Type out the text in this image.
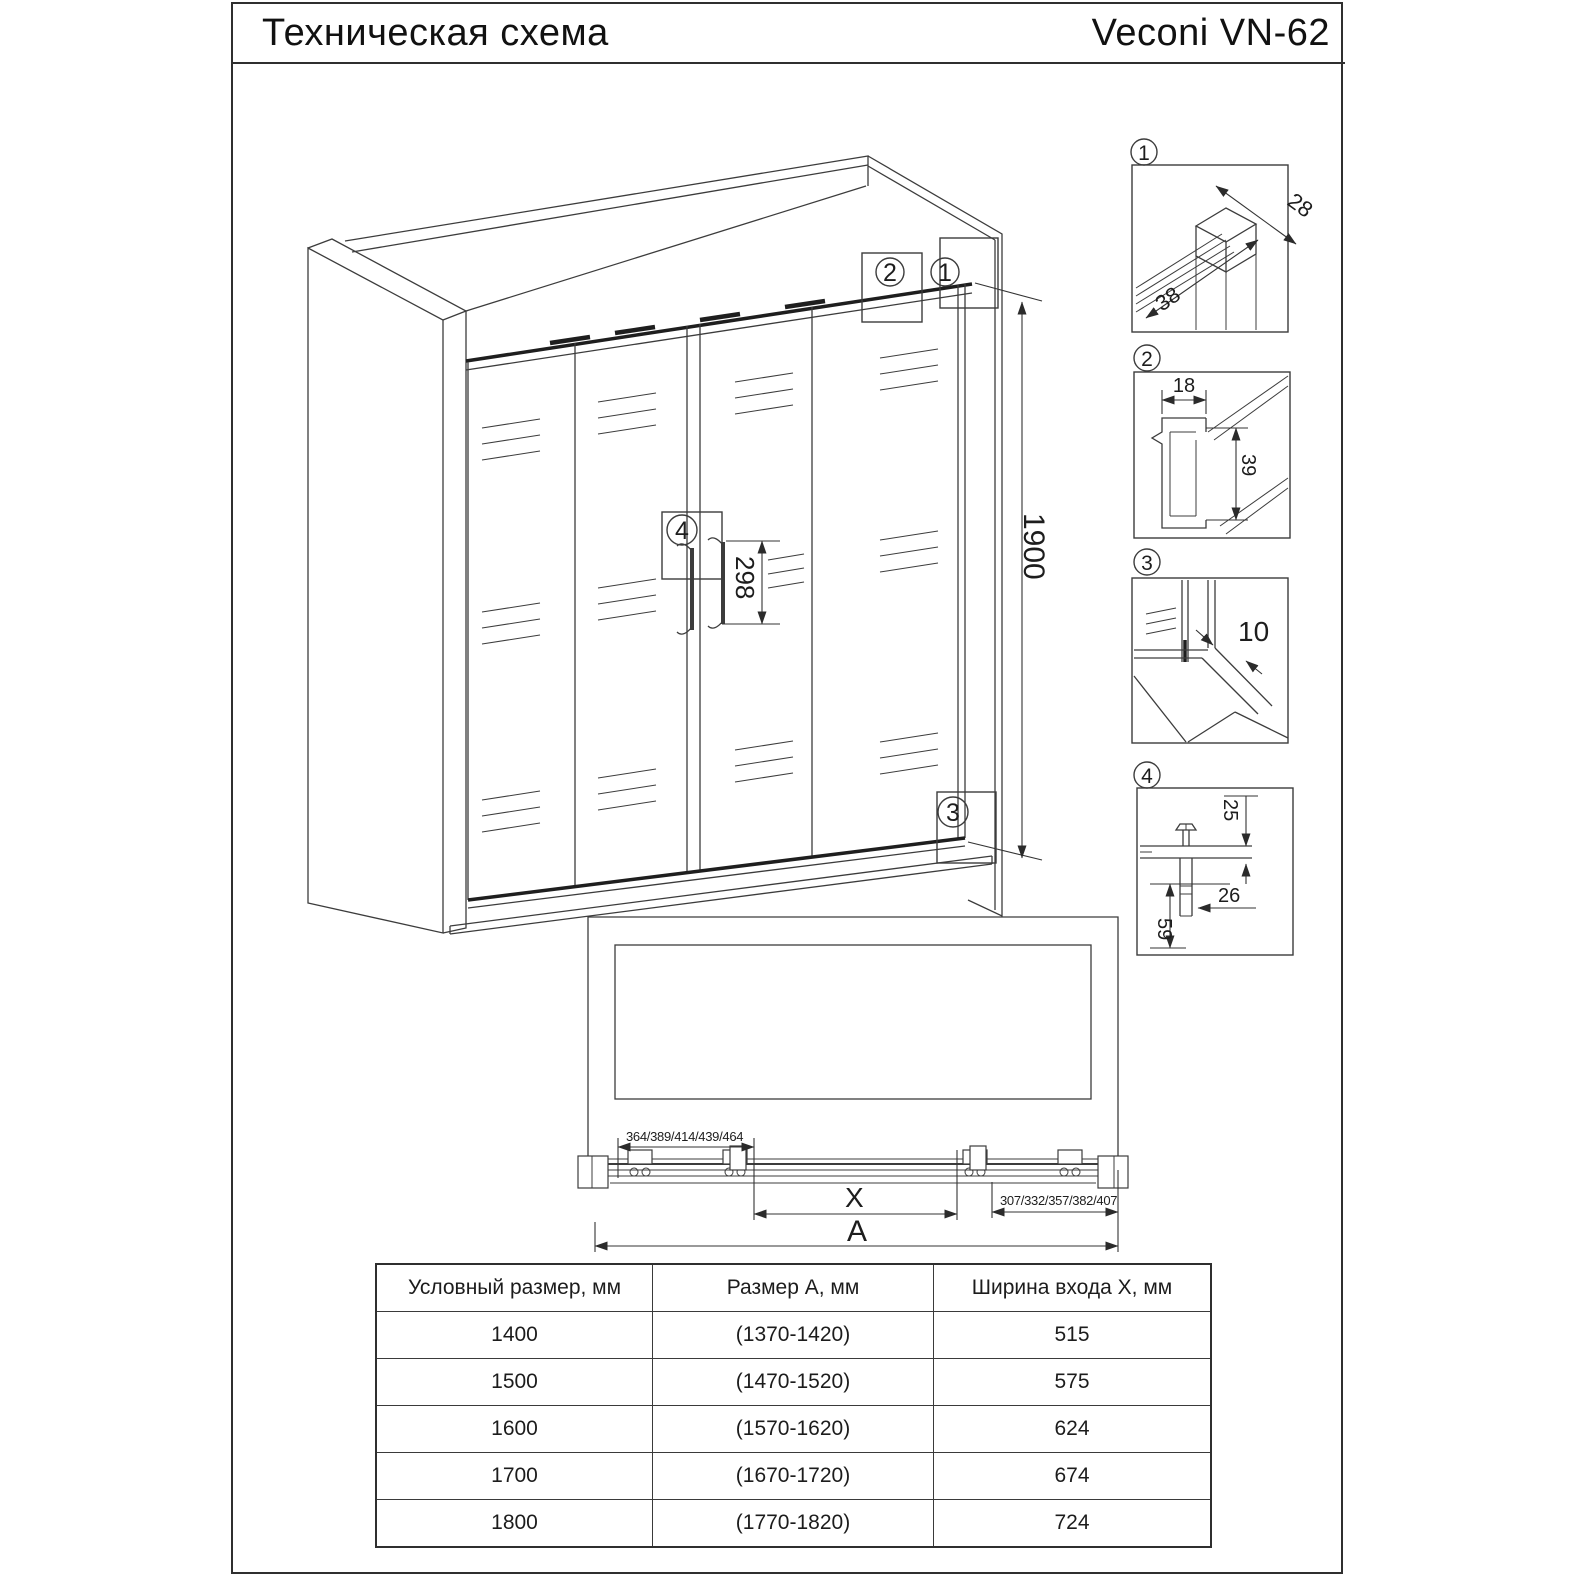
Техническая схема	Veconi VN-62
298	1900
2 1
3
4
1
28
38
2
18
39
3
10
4
25
26
59
364/389/414/439/464
X	307/332/357/382/407
A
Условный размер, мм	Размер А, мм	Ширина входа X, мм
1400	(1370-1420)	515
1500	(1470-1520)	575
1600	(1570-1620)	624
1700	(1670-1720)	674
1800	(1770-1820)	724
